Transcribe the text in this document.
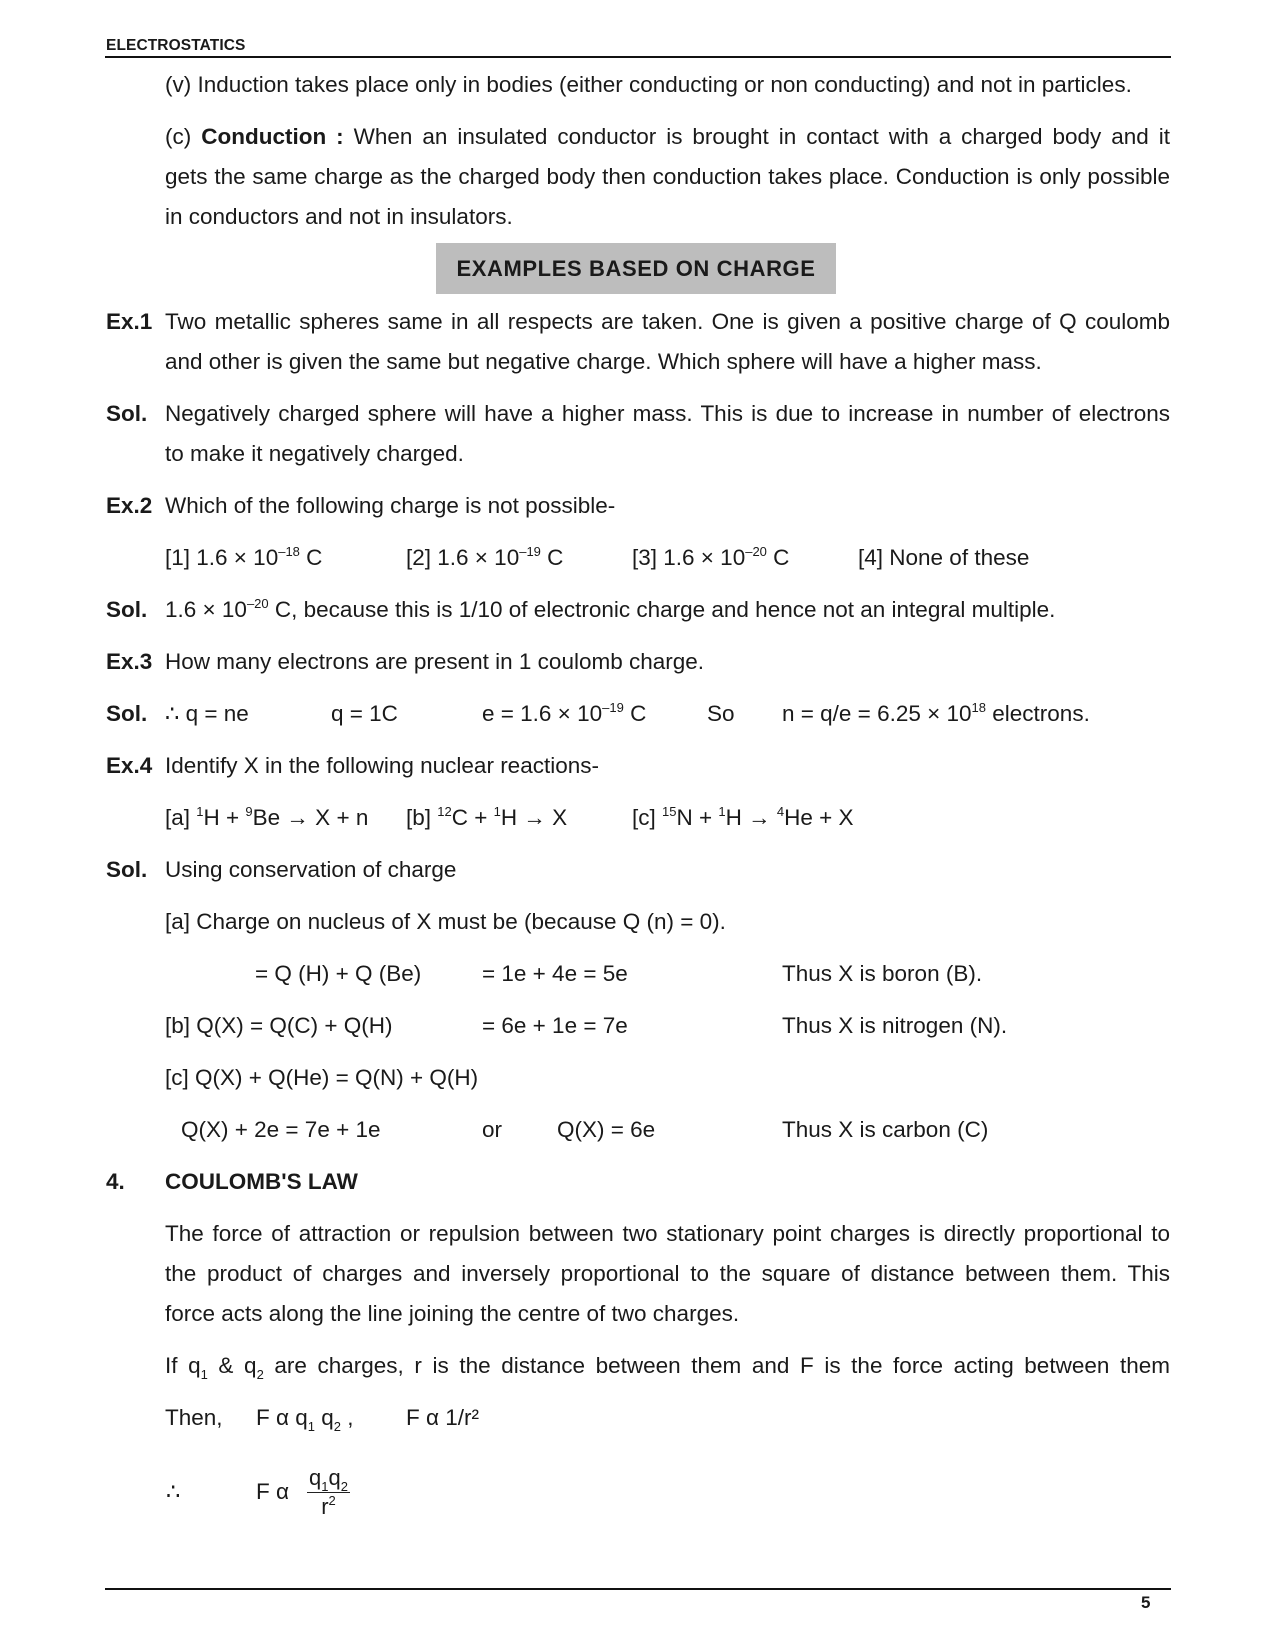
ELECTROSTATICS
(v) Induction takes place only in bodies (either conducting or non conducting) and not in particles.
(c) Conduction : When an insulated conductor is brought in contact with a charged body and it
gets the same charge as the charged body then conduction takes place. Conduction is only possible
in conductors and not in insulators.
EXAMPLES BASED ON CHARGE
Ex.1 Two metallic spheres same in all respects are taken. One is given a positive charge of Q coulomb
and other is given the same but negative charge. Which sphere will have a higher mass.
Sol. Negatively charged sphere will have a higher mass. This is due to increase in number of electrons
to make it negatively charged.
Ex.2 Which of the following charge is not possible-
[1] $1.6 \times 10^{-18}$ C	[2] $1.6 \times 10^{-19}$ C	[3] $1.6 \times 10^{-20}$ C	[4] None of these
Sol. $1.6 \times 10^{-20}$ C, because this is 1/10 of electronic charge and hence not an integral multiple.
Ex.3 How many electrons are present in 1 coulomb charge.
Sol. ∴ q = ne	q = 1C	$e = 1.6 \times 10^{-19}$ C	So $n = q/e = 6.25 \times 10^{18}$ electrons.
Ex.4 Identify X in the following nuclear reactions-
[a] $^1$H + $^9$Be → X + n [b] $^{12}$C + $^1$H → X	[c] $^{15}$N + $^1$H → $^4$He + X
Sol. Using conservation of charge
[a] Charge on nucleus of X must be (because Q (n) = 0).
= Q (H) + Q (Be)	= 1e + 4e = 5e	Thus X is boron (B).
[b] Q(X) = Q(C) + Q(H)	= 6e + 1e = 7e	Thus X is nitrogen (N).
[c] Q(X) + Q(He) = Q(N) + Q(H)
Q(X) + 2e = 7e + 1e	or Q(X) = 6e	Thus X is carbon (C)
4. COULOMB'S LAW
The force of attraction or repulsion between two stationary point charges is directly proportional to
the product of charges and inversely proportional to the square of distance between them. This
force acts along the line joining the centre of two charges.
If $q_1$ & $q_2$ are charges, r is the distance between them and F is the force acting between them
Then, F α $q_1$ $q_2$ , F α 1/r²
∴	F α $\frac{q_1q_2}{r^2}$
5
